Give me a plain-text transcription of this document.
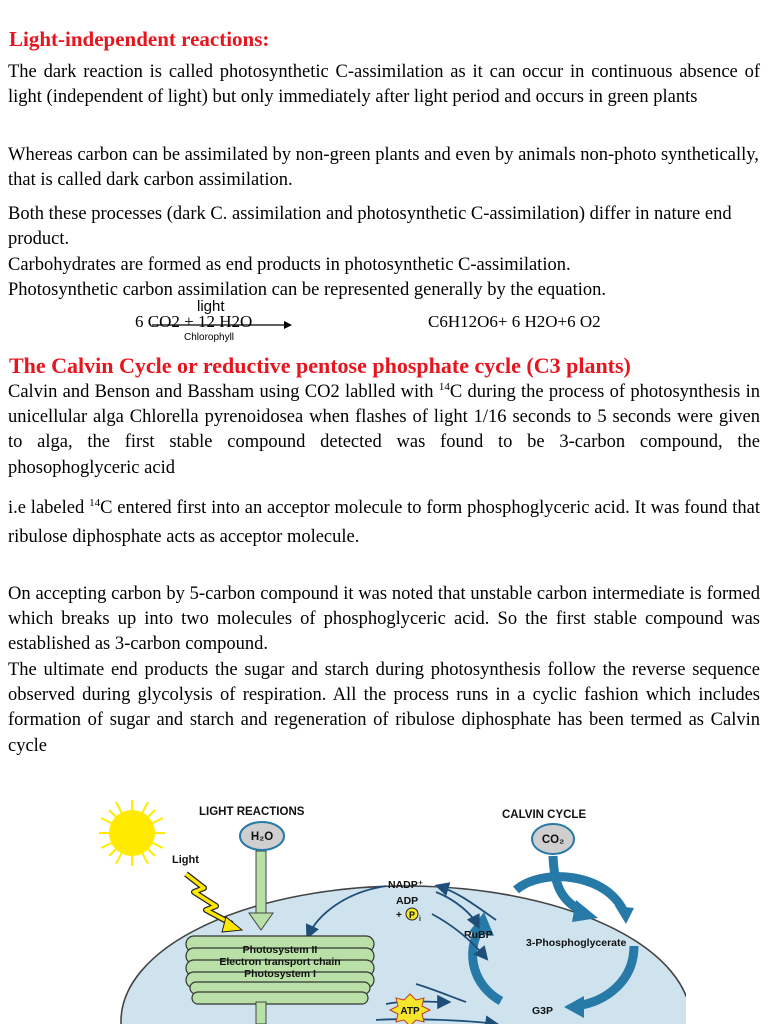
Light-independent reactions:

The dark reaction is called photosynthetic C-assimilation as it can occur in continuous absence of light (independent of light) but only immediately after light period and occurs in green plants

Whereas carbon can be assimilated by non-green plants and even by animals non-photo synthetically, that is called dark carbon assimilation.

Both these processes (dark C. assimilation and photosynthetic C-assimilation) differ in nature end product.

Carbohydrates are formed as end products in photosynthetic C-assimilation.

Photosynthetic carbon assimilation can be represented generally by the equation.

6 CO2 + 12 H2O
light
Chlorophyll
C6H12O6+ 6 H2O+6 O2
The Calvin Cycle or reductive pentose phosphate cycle (C3 plants)

Calvin and Benson and Bassham using CO2 lablled with $^{14}$C during the process of photosynthesis in unicellular alga Chlorella pyrenoidosea when flashes of light 1/16 seconds to 5 seconds were given to alga, the first stable compound detected was found to be 3-carbon compound, the phosophoglyceric acid

i.e labeled $^{14}$C entered first into an acceptor molecule to form phosphoglyceric acid. It was found that ribulose diphosphate acts as acceptor molecule.

On accepting carbon by 5-carbon compound it was noted that unstable carbon intermediate is formed which breaks up into two molecules of phosphoglyceric acid. So the first stable compound was established as 3-carbon compound.

The ultimate end products the sugar and starch during photosynthesis follow the reverse sequence observed during glycolysis of respiration. All the process runs in a cyclic fashion which includes formation of sugar and starch and regeneration of ribulose diphosphate has been termed as Calvin cycle

Light
LIGHT REACTIONS	CALVIN CYCLE
H₂O	CO₂
RuBP
3-Phosphoglycerate
G3P
NADP⁺
ADP
+ P i
Photosystem II
Electron transport chain
Photosystem I
ATP
